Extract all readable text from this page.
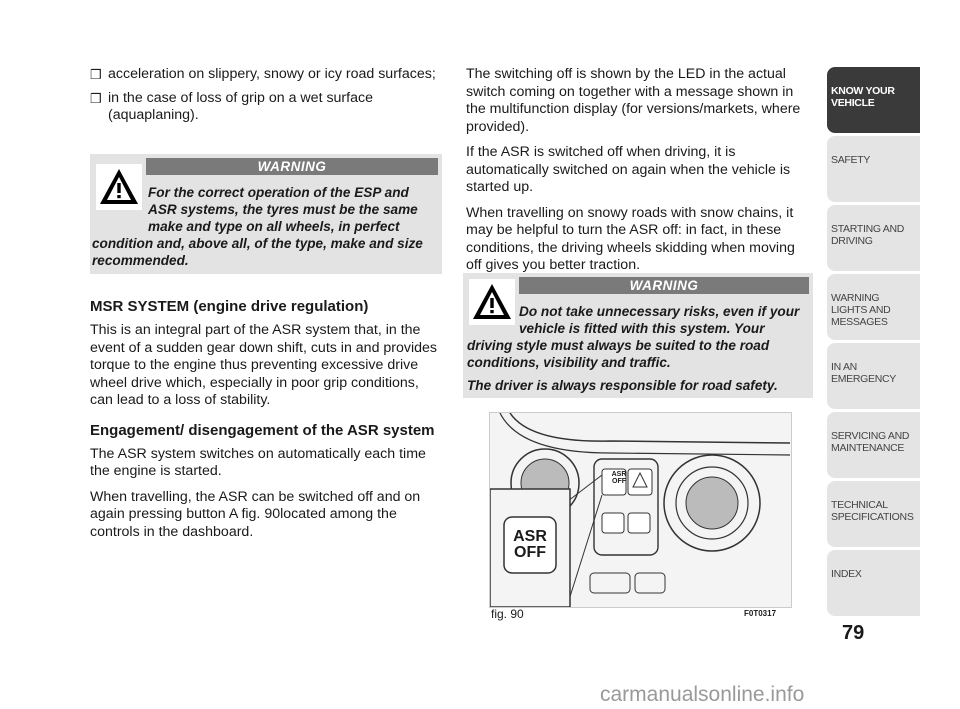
❒ acceleration on slippery, snowy or icy road surfaces;
❒ in the case of loss of grip on a wet surface (aquaplaning).
WARNING
For the correct operation of the ESP and ASR systems, the tyres must be the same make and type on all wheels, in perfect condition and, above all, of the type, make and size recommended.
MSR SYSTEM (engine drive regulation)

This is an integral part of the ASR system that, in the event of a sudden gear down shift, cuts in and provides torque to the engine thus preventing excessive drive wheel drive which, especially in poor grip conditions, can lead to a loss of stability.

Engagement/ disengagement of the ASR system

The ASR system switches on automatically each time the engine is started.

When travelling, the ASR can be switched off and on again pressing button A fig. 90located among the controls in the dashboard.

The switching off is shown by the LED in the actual switch coming on together with a message shown in the multifunction display (for versions/markets, where provided).

If the ASR is switched off when driving, it is automatically switched on again when the vehicle is started up.

When travelling on snowy roads with snow chains, it may be helpful to turn the ASR off: in fact, in these conditions, the driving wheels skidding when moving off gives you better traction.

WARNING

Do not take unnecessary risks, even if your vehicle is fitted with this system. Your driving style must always be suited to the road conditions, visibility and traffic.

The driver is always responsible for road safety.

ASR
OFF
ASR
OFF
fig. 90	F0T0317
KNOW YOUR VEHICLE
SAFETY
STARTING AND DRIVING
WARNING LIGHTS AND MESSAGES
IN AN EMERGENCY
SERVICING AND MAINTENANCE
TECHNICAL SPECIFICATIONS
INDEX
79
carmanualsonline.info
